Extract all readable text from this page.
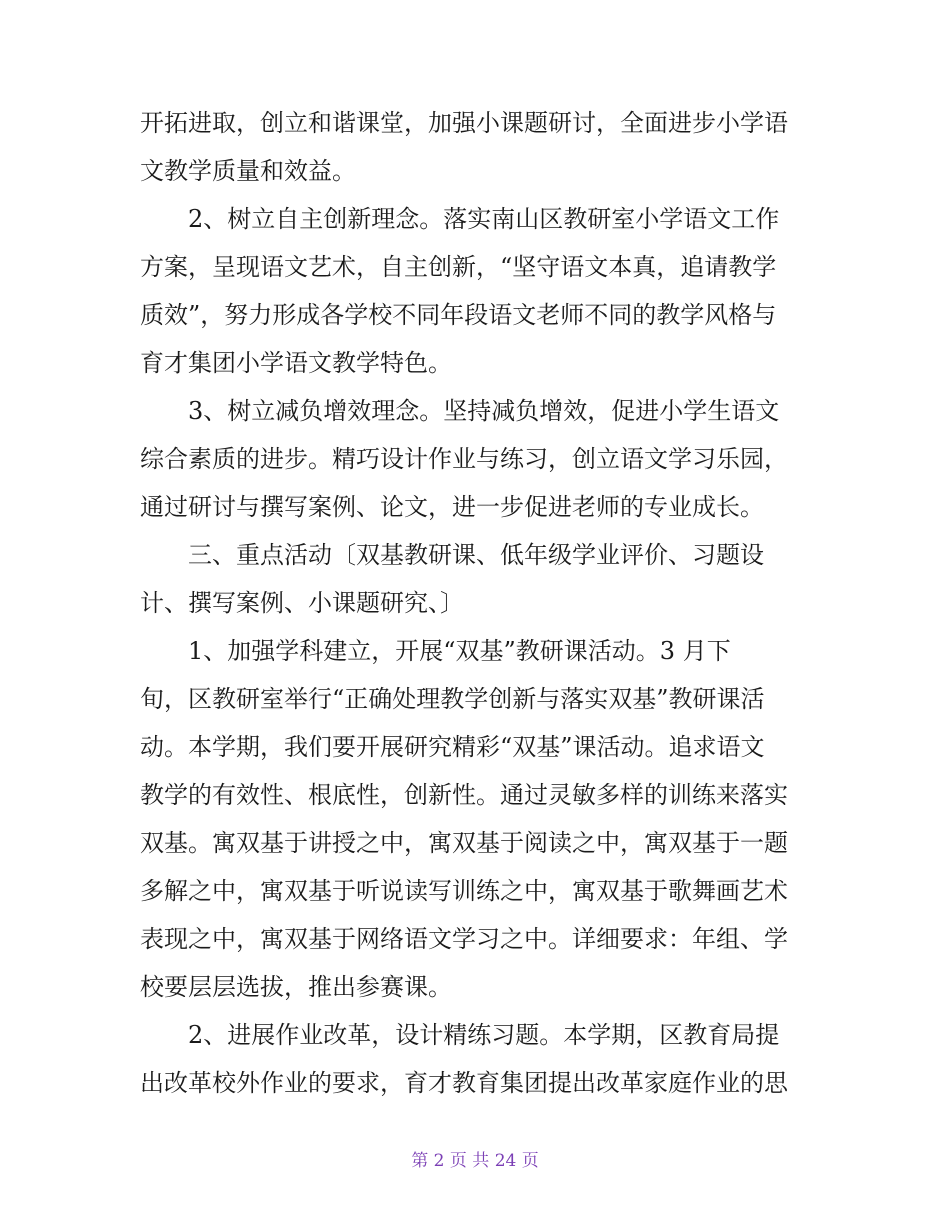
开拓进取，创立和谐课堂，加强小课题研讨，全面进步小学语
文教学质量和效益。
2、树立自主创新理念。落实南山区教研室小学语文工作
方案，呈现语文艺术，自主创新，“坚守语文本真，追请教学
质效”，努力形成各学校不同年段语文老师不同的教学风格与
育才集团小学语文教学特色。
3、树立减负增效理念。坚持减负增效，促进小学生语文
综合素质的进步。精巧设计作业与练习，创立语文学习乐园，
通过研讨与撰写案例、论文，进一步促进老师的专业成长。
三、重点活动〔双基教研课、低年级学业评价、习题设
计、撰写案例、小课题研究、〕
1、加强学科建立，开展“双基”教研课活动。3 月下
旬，区教研室举行“正确处理教学创新与落实双基”教研课活
动。本学期，我们要开展研究精彩“双基”课活动。追求语文
教学的有效性、根底性，创新性。通过灵敏多样的训练来落实
双基。寓双基于讲授之中，寓双基于阅读之中，寓双基于一题
多解之中，寓双基于听说读写训练之中，寓双基于歌舞画艺术
表现之中，寓双基于网络语文学习之中。详细要求：年组、学
校要层层选拔，推出参赛课。
2、进展作业改革，设计精练习题。本学期，区教育局提
出改革校外作业的要求，育才教育集团提出改革家庭作业的思
第 2 页 共 24 页
